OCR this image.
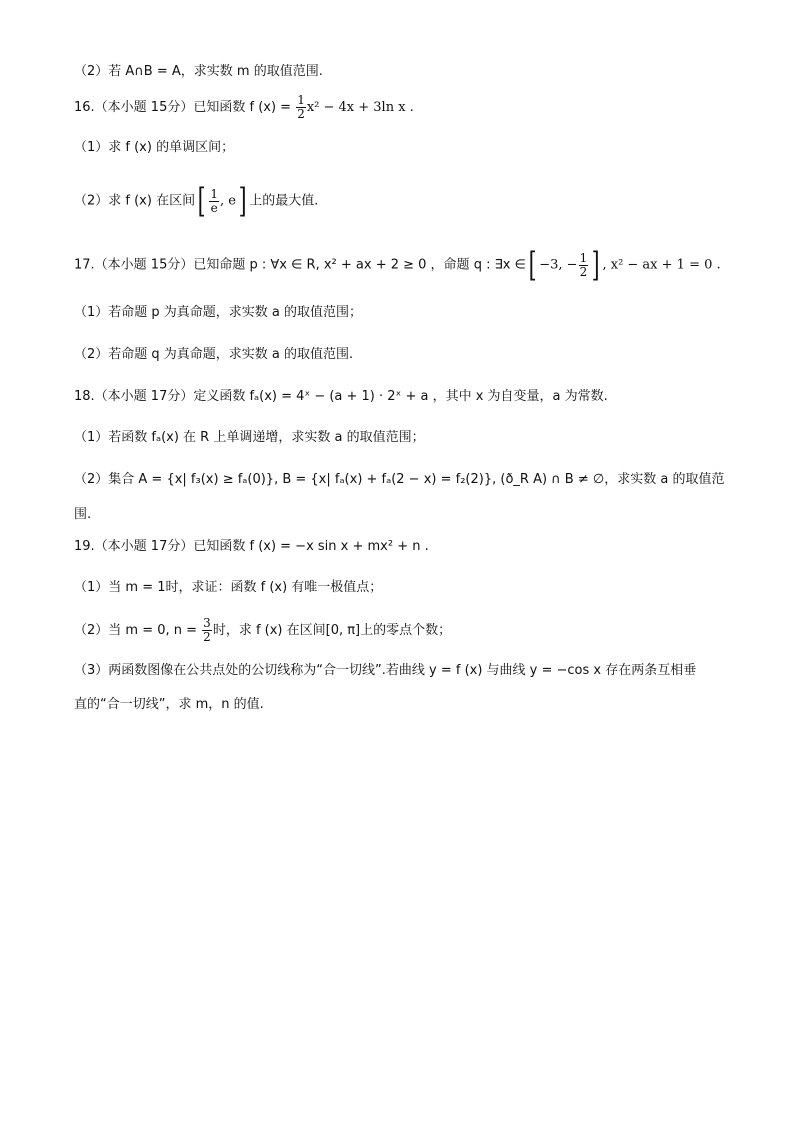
（2）若 A∩B = A，求实数 m 的取值范围.
16.（本小题 15分）已知函数 f $(x) = \frac{1}{2} x^2 - 4x + 3\ln$ x .
（1）求 f (x) 的单调区间；
（2）求 f (x) 在区间[ $\frac{1}{e}$ , e] 上的最大值.
17.（本小题 15分）已知命题 p : ∀x ∈ R, x² + ax + 2 ≥ 0 ，命题 q : ∃x ∈[ −3, − $\frac{1}{2}$ ] , x² − ax + 1 = 0 .
（1）若命题 p 为真命题，求实数 a 的取值范围；
（2）若命题 q 为真命题，求实数 a 的取值范围.
18.（本小题 17分）定义函数 fₐ(x) = 4ˣ − (a + 1) · 2ˣ + a ，其中 x 为自变量，a 为常数.
（1）若函数 fₐ(x) 在 R 上单调递增，求实数 a 的取值范围；
（2）集合 A = {x| f₃(x) ≥ fₐ(0)}, B = {x| fₐ(x) + fₐ(2 − x) = f₂(2)}, (ð_R A) ∩ B ≠ ∅，求实数 a 的取值范
围.
19.（本小题 17分）已知函数 f (x) = −x sin x + mx² + n .
（1）当 m = 1时，求证：函数 f (x) 有唯一极值点；
（2）当 m = 0, $n = \frac{3}{2}$ 时，求 f (x) 在区间[0, π]上的零点个数；
（3）两函数图像在公共点处的公切线称为“合一切线”.若曲线 y = f (x) 与曲线 y = −cos x 存在两条互相垂
直的“合一切线”，求 m，n 的值.
